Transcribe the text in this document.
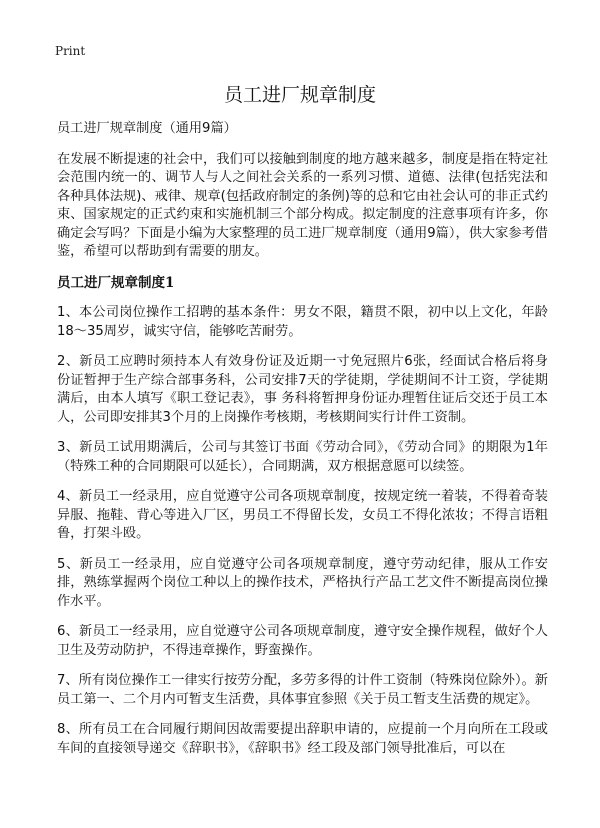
Print
员工进厂规章制度

员工进厂规章制度（通用9篇）

在发展不断提速的社会中，我们可以接触到制度的地方越来越多，制度是指在特定社会范围内统一的、调节人与人之间社会关系的一系列习惯、道德、法律(包括宪法和各种具体法规)、戒律、规章(包括政府制定的条例)等的总和它由社会认可的非正式约束、国家规定的正式约束和实施机制三个部分构成。拟定制度的注意事项有许多，你确定会写吗？下面是小编为大家整理的员工进厂规章制度（通用9篇），供大家参考借鉴，希望可以帮助到有需要的朋友。

员工进厂规章制度1

1、本公司岗位操作工招聘的基本条件：男女不限，籍贯不限，初中以上文化，年龄18～35周岁，诚实守信，能够吃苦耐劳。

2、新员工应聘时须持本人有效身份证及近期一寸免冠照片6张，经面试合格后将身份证暂押于生产综合部事务科，公司安排7天的学徒期，学徒期间不计工资，学徒期满后，由本人填写《职工登记表》，事 务科将暂押身份证办理暂住证后交还于员工本人，公司即安排其3个月的上岗操作考核期，考核期间实行计件工资制。

3、新员工试用期满后，公司与其签订书面《劳动合同》，《劳动合同》的期限为1年（特殊工种的合同期限可以延长），合同期满，双方根据意愿可以续签。

4、新员工一经录用，应自觉遵守公司各项规章制度，按规定统一着装，不得着奇装异服、拖鞋、背心等进入厂区，男员工不得留长发，女员工不得化浓妆；不得言语粗鲁，打架斗殴。

5、新员工一经录用，应自觉遵守公司各项规章制度，遵守劳动纪律，服从工作安排，熟练掌握两个岗位工种以上的操作技术，严格执行产品工艺文件不断提高岗位操作水平。

6、新员工一经录用，应自觉遵守公司各项规章制度，遵守安全操作规程，做好个人卫生及劳动防护，不得违章操作，野蛮操作。

7、所有岗位操作工一律实行按劳分配，多劳多得的计件工资制（特殊岗位除外）。新员工第一、二个月内可暂支生活费，具体事宜参照《关于员工暂支生活费的规定》。

8、所有员工在合同履行期间因故需要提出辞职申请的，应提前一个月向所在工段或车间的直接领导递交《辞职书》，《辞职书》经工段及部门领导批准后，可以在
